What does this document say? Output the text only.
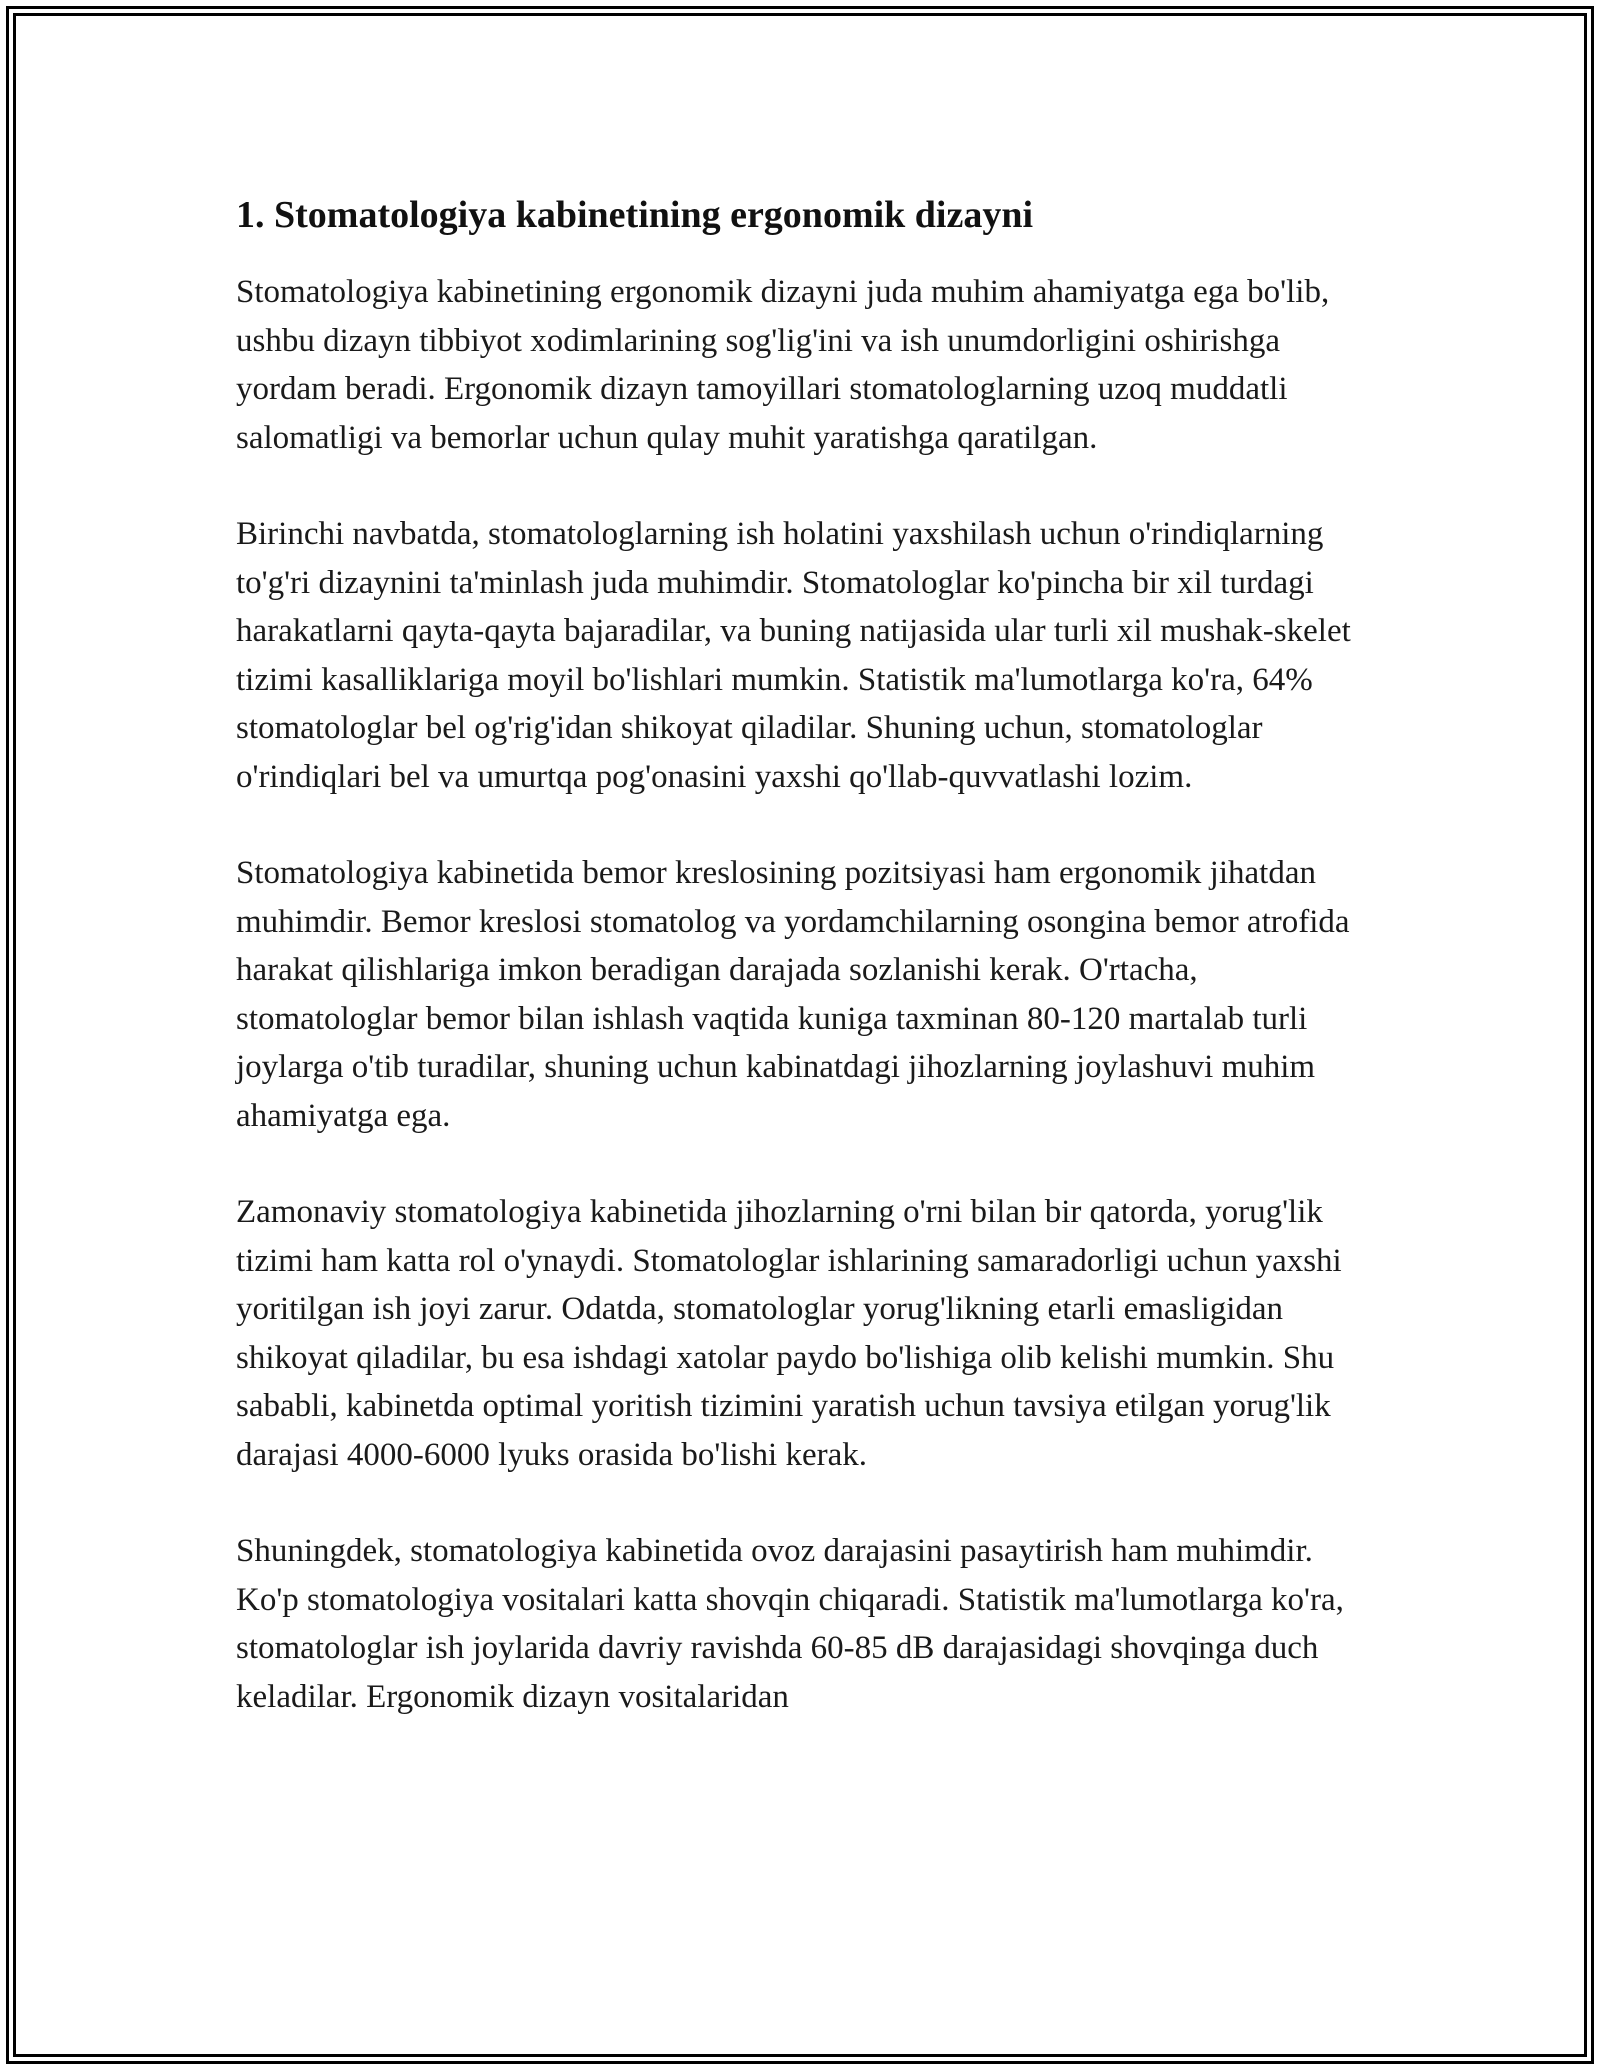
1. Stomatologiya kabinetining ergonomik dizayni

Stomatologiya kabinetining ergonomik dizayni juda muhim ahamiyatga ega bo'lib, ushbu dizayn tibbiyot xodimlarining sog'lig'ini va ish unumdorligini oshirishga yordam beradi. Ergonomik dizayn tamoyillari stomatologlarning uzoq muddatli salomatligi va bemorlar uchun qulay muhit yaratishga qaratilgan.

Birinchi navbatda, stomatologlarning ish holatini yaxshilash uchun o'rindiqlarning to'g'ri dizaynini ta'minlash juda muhimdir. Stomatologlar ko'pincha bir xil turdagi harakatlarni qayta-qayta bajaradilar, va buning natijasida ular turli xil mushak-skelet tizimi kasalliklariga moyil bo'lishlari mumkin. Statistik ma'lumotlarga ko'ra, 64% stomatologlar bel og'rig'idan shikoyat qiladilar. Shuning uchun, stomatologlar o'rindiqlari bel va umurtqa pog'onasini yaxshi qo'llab-quvvatlashi lozim.

Stomatologiya kabinetida bemor kreslosining pozitsiyasi ham ergonomik jihatdan muhimdir. Bemor kreslosi stomatolog va yordamchilarning osongina bemor atrofida harakat qilishlariga imkon beradigan darajada sozlanishi kerak. O'rtacha, stomatologlar bemor bilan ishlash vaqtida kuniga taxminan 80-120 martalab turli joylarga o'tib turadilar, shuning uchun kabinatdagi jihozlarning joylashuvi muhim ahamiyatga ega.

Zamonaviy stomatologiya kabinetida jihozlarning o'rni bilan bir qatorda, yorug'lik tizimi ham katta rol o'ynaydi. Stomatologlar ishlarining samaradorligi uchun yaxshi yoritilgan ish joyi zarur. Odatda, stomatologlar yorug'likning etarli emasligidan shikoyat qiladilar, bu esa ishdagi xatolar paydo bo'lishiga olib kelishi mumkin. Shu sababli, kabinetda optimal yoritish tizimini yaratish uchun tavsiya etilgan yorug'lik darajasi 4000-6000 lyuks orasida bo'lishi kerak.

Shuningdek, stomatologiya kabinetida ovoz darajasini pasaytirish ham muhimdir. Ko'p stomatologiya vositalari katta shovqin chiqaradi. Statistik ma'lumotlarga ko'ra, stomatologlar ish joylarida davriy ravishda 60-85 dB darajasidagi shovqinga duch keladilar. Ergonomik dizayn vositalaridan
